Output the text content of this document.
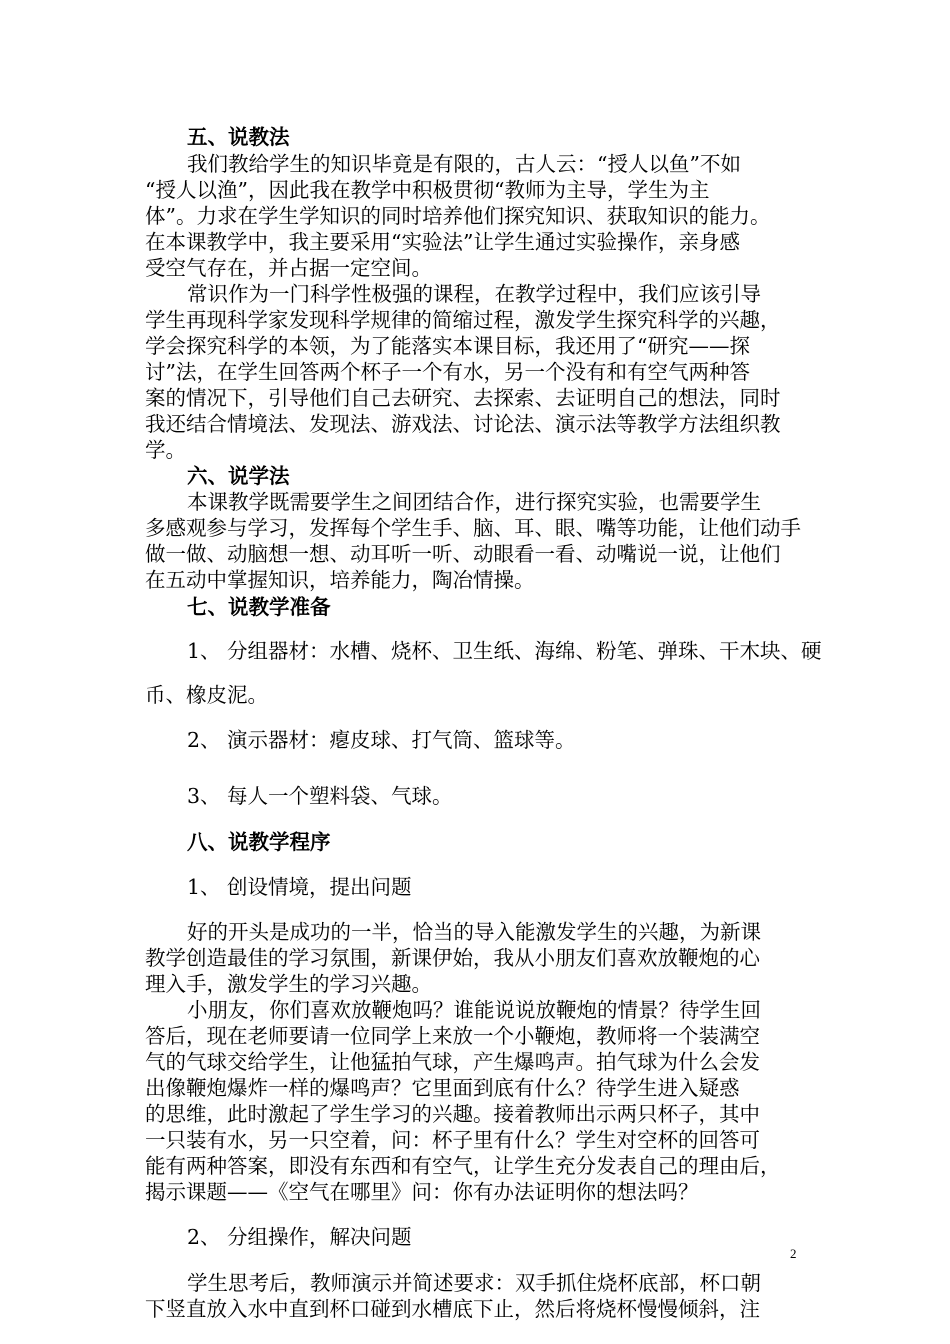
五、说教法
我们教给学生的知识毕竟是有限的，古人云：“授人以鱼”不如
“授人以渔”，因此我在教学中积极贯彻“教师为主导，学生为主
体”。力求在学生学知识的同时培养他们探究知识、获取知识的能力。
在本课教学中，我主要采用“实验法”让学生通过实验操作，亲身感
受空气存在，并占据一定空间。
常识作为一门科学性极强的课程，在教学过程中，我们应该引导
学生再现科学家发现科学规律的简缩过程，激发学生探究科学的兴趣，
学会探究科学的本领，为了能落实本课目标，我还用了“研究——探
讨”法，在学生回答两个杯子一个有水，另一个没有和有空气两种答
案的情况下，引导他们自己去研究、去探索、去证明自己的想法，同时
我还结合情境法、发现法、游戏法、讨论法、演示法等教学方法组织教
学。
六、说学法
本课教学既需要学生之间团结合作，进行探究实验，也需要学生
多感观参与学习，发挥每个学生手、脑、耳、眼、嘴等功能，让他们动手
做一做、动脑想一想、动耳听一听、动眼看一看、动嘴说一说，让他们
在五动中掌握知识，培养能力，陶冶情操。
七、说教学准备
1、 分组器材：水槽、烧杯、卫生纸、海绵、粉笔、弹珠、干木块、硬
币、橡皮泥。
2、 演示器材：瘪皮球、打气筒、篮球等。
3、 每人一个塑料袋、气球。
八、说教学程序
1、 创设情境，提出问题
好的开头是成功的一半，恰当的导入能激发学生的兴趣，为新课
教学创造最佳的学习氛围，新课伊始，我从小朋友们喜欢放鞭炮的心
理入手，激发学生的学习兴趣。
小朋友，你们喜欢放鞭炮吗？谁能说说放鞭炮的情景？待学生回
答后，现在老师要请一位同学上来放一个小鞭炮，教师将一个装满空
气的气球交给学生，让他猛拍气球，产生爆鸣声。拍气球为什么会发
出像鞭炮爆炸一样的爆鸣声？它里面到底有什么？待学生进入疑惑
的思维，此时激起了学生学习的兴趣。接着教师出示两只杯子，其中
一只装有水，另一只空着，问：杯子里有什么？学生对空杯的回答可
能有两种答案，即没有东西和有空气，让学生充分发表自己的理由后，
揭示课题——《空气在哪里》问：你有办法证明你的想法吗？
2、 分组操作，解决问题
学生思考后，教师演示并简述要求：双手抓住烧杯底部，杯口朝
下竖直放入水中直到杯口碰到水槽底下止，然后将烧杯慢慢倾斜，注
2
